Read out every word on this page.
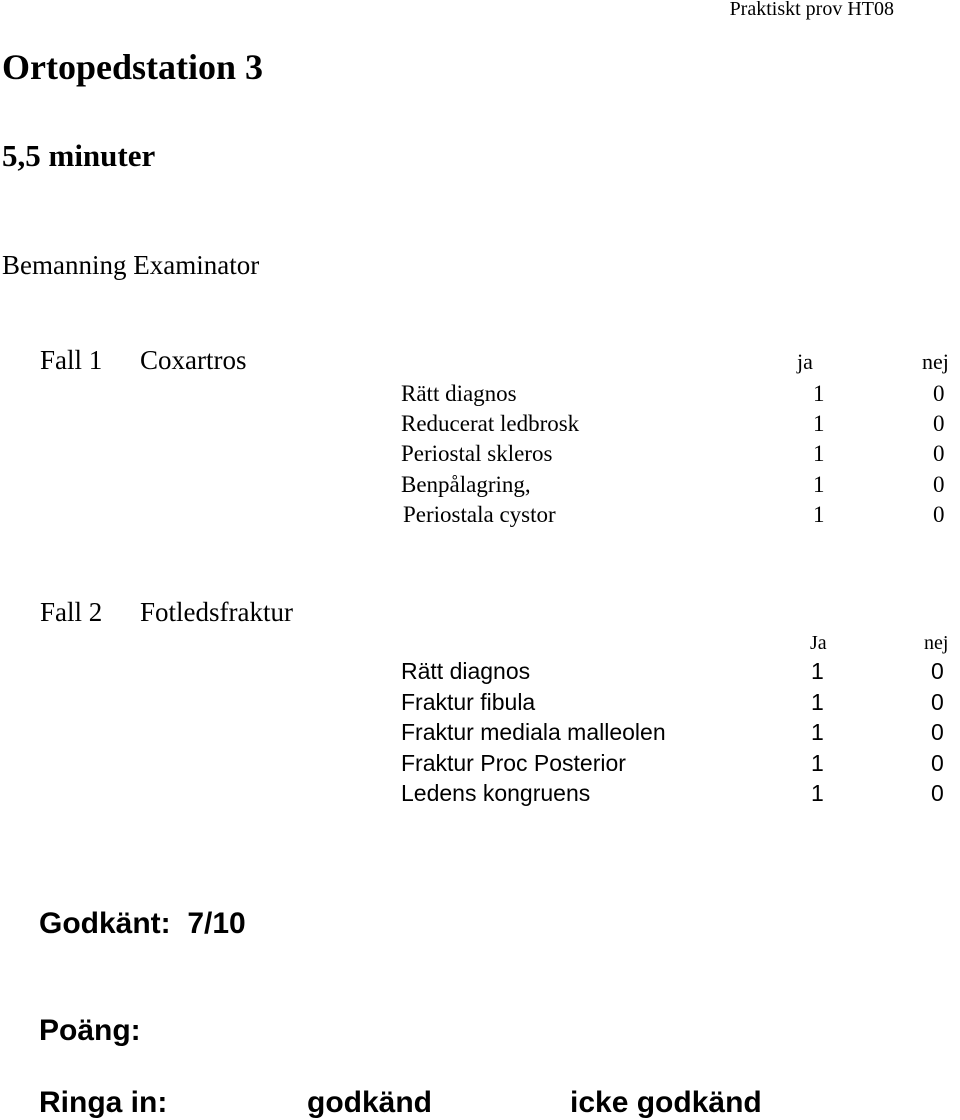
Praktiskt prov HT08
Ortopedstation 3
5,5 minuter
Bemanning Examinator
Fall 1 Coxartros	ja	nej
Rätt diagnos	1	0
Reducerat ledbrosk	1	0
Periostal skleros	1	0
Benpålagring,	1	0
Periostala cystor	1	0
Fall 2 Fotledsfraktur
Ja	nej
Rätt diagnos	1	0
Fraktur fibula	1	0
Fraktur mediala malleolen	1	0
Fraktur Proc Posterior	1	0
Ledens kongruens	1	0
Godkänt:  7/10
Poäng:
Ringa in:	godkänd	icke godkänd
